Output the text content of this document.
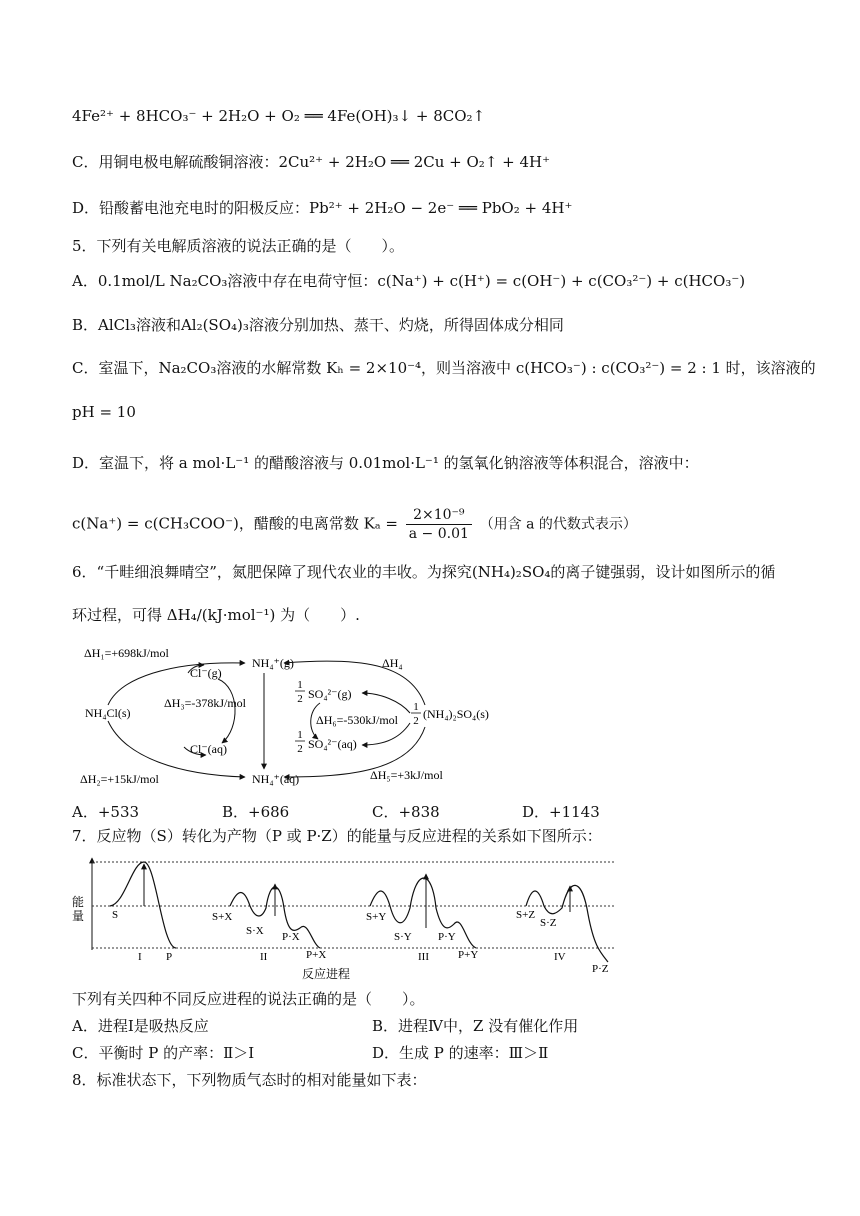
4Fe²⁺ + 8HCO₃⁻ + 2H₂O + O₂ ══ 4Fe(OH)₃↓ + 8CO₂↑
C．用铜电极电解硫酸铜溶液：2Cu²⁺ + 2H₂O ══ 2Cu + O₂↑ + 4H⁺
D．铅酸蓄电池充电时的阳极反应：Pb²⁺ + 2H₂O − 2e⁻ ══ PbO₂ + 4H⁺
5．下列有关电解质溶液的说法正确的是（　　）。
A．0.1mol/L Na₂CO₃溶液中存在电荷守恒：c(Na⁺) + c(H⁺) = c(OH⁻) + c(CO₃²⁻) + c(HCO₃⁻)
B．AlCl₃溶液和Al₂(SO₄)₃溶液分别加热、蒸干、灼烧，所得固体成分相同
C．室温下，Na₂CO₃溶液的水解常数 Kₕ = 2×10⁻⁴，则当溶液中 c(HCO₃⁻) : c(CO₃²⁻) = 2 : 1 时，该溶液的
pH = 10
D．室温下，将 a mol·L⁻¹ 的醋酸溶液与 0.01mol·L⁻¹ 的氢氧化钠溶液等体积混合，溶液中：
c(Na⁺) = c(CH₃COO⁻)，醋酸的电离常数 $K_a = \frac{\text{2×10⁻⁹}}{a - 0.01}$ （用含 a 的代数式表示）
6．“千畦细浪舞晴空”，氮肥保障了现代农业的丰收。为探究(NH₄)₂SO₄的离子键强弱，设计如图所示的循
环过程，可得 ΔH₄/(kJ·mol⁻¹) 为（　　）.
ΔH₁=+698kJ/mol
NH₄⁺(g)	ΔH₄
NH₄Cl(s)
Cl⁻(g)
ΔH₃=-378kJ/mol
Cl⁻(aq)
ΔH₂=+15kJ/mol	NH₄⁺(aq)
1
2 SO₄²⁻(g)
ΔH₆=-530kJ/mol
1
2 (NH₄)₂SO₄(s)
1
2 SO₄²⁻(aq)
ΔH₅=+3kJ/mol
A．+533	B．+686	C．+838	D．+1143
7．反应物（S）转化为产物（P 或 P·Z）的能量与反应进程的关系如下图所示：
能
量	S
I P
S+X
S·X P·X
P+X
II
S+Y
S·Y P·Y
P+Y
III
S+Z
S·Z
IV
P·Z
反应进程
下列有关四种不同反应进程的说法正确的是（　　）。
A．进程Ⅰ是吸热反应	B．进程Ⅳ中，Z 没有催化作用
C．平衡时 P 的产率：Ⅱ＞Ⅰ	D．生成 P 的速率：Ⅲ＞Ⅱ
8．标准状态下，下列物质气态时的相对能量如下表：
